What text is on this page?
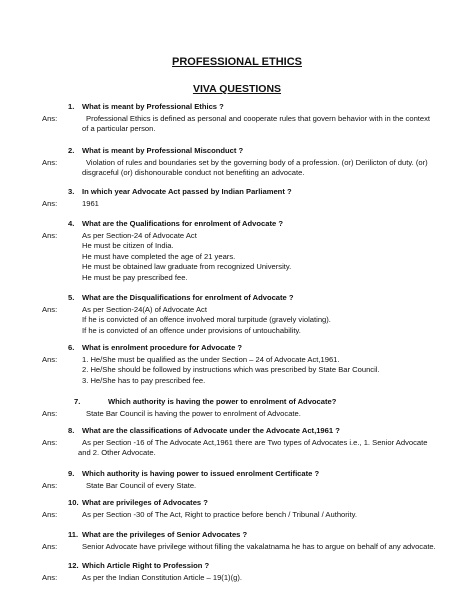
PROFESSIONAL ETHICS
VIVA QUESTIONS
1. What is meant by Professional Ethics ?
Ans:	Professional Ethics is defined as personal and cooperate rules that govern behavior with in the context
of a particular person.
2. What is meant by Professional Misconduct ?
Ans:	Violation of rules and boundaries set by the governing body of a profession. (or) Derilicton of duty. (or)
disgraceful (or) dishonourable conduct not benefiting an advocate.
3. In which year Advocate Act passed by Indian Parliament ?
Ans:	1961
4. What are the Qualifications for enrolment of Advocate ?
Ans:	As per Section-24 of Advocate Act
He must be citizen of India.
He must have completed the age of 21 years.
He must be obtained law graduate from recognized University.
He must be pay prescribed fee.
5. What are the Disqualifications for enrolment of Advocate ?
Ans:	As per Section-24(A) of Advocate Act
If he is convicted of an offence involved moral turpitude (gravely violating).
If he is convicted of an offence under provisions of untouchability.
6. What is enrolment procedure for Advocate ?
Ans:	1. He/She must be qualified as the under Section – 24 of Advocate Act,1961.
2. He/She should be followed by instructions which was prescribed by State Bar Council.
3. He/She has to pay prescribed fee.
7.	Which authority is having the power to enrolment of Advocate?
Ans:	State Bar Council is having the power to enrolment of Advocate.
8. What are the classifications of Advocate under the Advocate Act,1961 ?
Ans:	As per Section -16 of The Advocate Act,1961 there are Two types of Advocates i.e., 1. Senior Advocate
and 2. Other Advocate.
9. Which authority is having power to issued enrolment Certificate ?
Ans:	State Bar Council of every State.
10. What are privileges of Advocates ?
Ans:	As per Section -30 of The Act, Right to practice before bench / Tribunal / Authority.
11. What are the privileges of Senior Advocates ?
Ans:	Senior Advocate have privilege without filling the vakalatnama he has to argue on behalf of any advocate.
12. Which Article Right to Profession ?
Ans:	As per the Indian Constitution Article – 19(1)(g).
